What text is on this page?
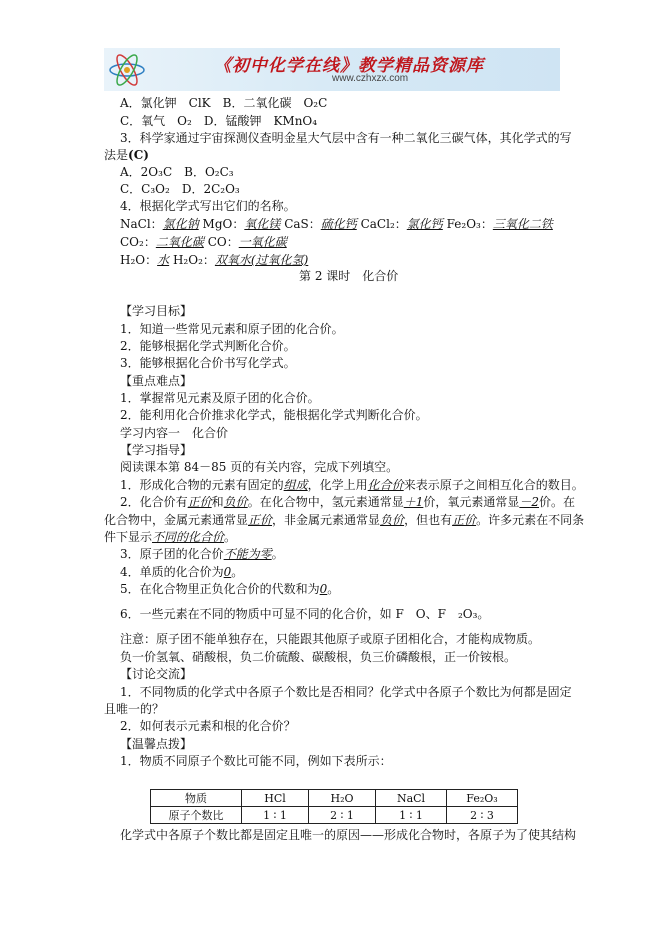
《初中化学在线》教学精品资源库
www.czhxzx.com
A．氯化钾　ClK　B．二氧化碳　O₂C
C．氧气　O₂　D．锰酸钾　KMnO₄
3．科学家通过宇宙探测仪查明金星大气层中含有一种二氧化三碳气体，其化学式的写
法是(C)
A．2O₃C　B．O₂C₃
C．C₃O₂　D．2C₂O₃
4．根据化学式写出它们的名称。
NaCl：氯化钠 MgO：氧化镁 CaS：硫化钙 CaCl₂：氯化钙 Fe₂O₃：三氧化二铁
CO₂：二氧化碳 CO：一氧化碳
H₂O：水 H₂O₂：双氧水(过氧化氢)
第 2 课时　化合价
【学习目标】
1．知道一些常见元素和原子团的化合价。
2．能够根据化学式判断化合价。
3．能够根据化合价书写化学式。
【重点难点】
1．掌握常见元素及原子团的化合价。
2．能利用化合价推求化学式，能根据化学式判断化合价。
学习内容一　化合价
【学习指导】
阅读课本第 84－85 页的有关内容，完成下列填空。
1．形成化合物的元素有固定的组成，化学上用化合价来表示原子之间相互化合的数目。
2．化合价有正价和负价。在化合物中，氢元素通常显＋1价，氧元素通常显－2价。在
化合物中，金属元素通常显正价，非金属元素通常显负价，但也有正价。许多元素在不同条
件下显示不同的化合价。
3．原子团的化合价不能为零。
4．单质的化合价为0。
5．在化合物里正负化合价的代数和为0。
6．一些元素在不同的物质中可显不同的化合价，如 F　O、F　₂O₃。
注意：原子团不能单独存在，只能跟其他原子或原子团相化合，才能构成物质。
负一价氢氧、硝酸根，负二价硫酸、碳酸根，负三价磷酸根，正一价铵根。
【讨论交流】
1．不同物质的化学式中各原子个数比是否相同？化学式中各原子个数比为何都是固定
且唯一的？
2．如何表示元素和根的化合价？
【温馨点拨】
1．物质不同原子个数比可能不同，例如下表所示：
物质	HCl	H₂O	NaCl	Fe₂O₃
原子个数比	1 ∶ 1	2 ∶ 1	1 ∶ 1	2 ∶ 3
化学式中各原子个数比都是固定且唯一的原因——形成化合物时，各原子为了使其结构
